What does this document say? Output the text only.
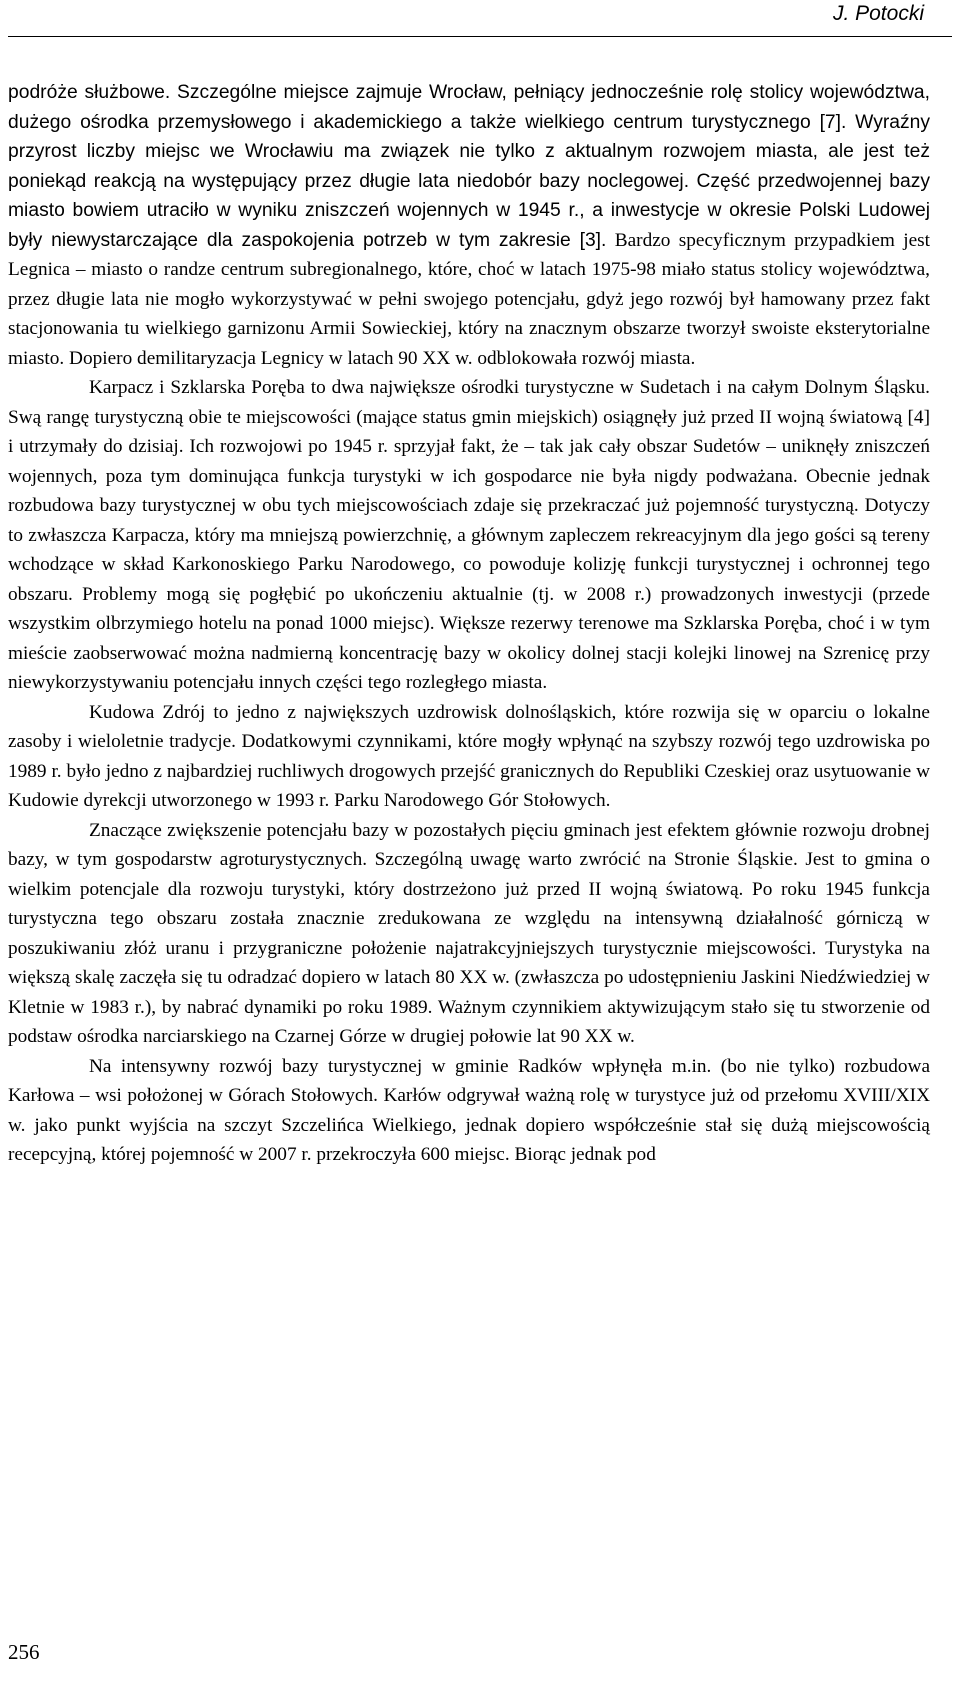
J. Potocki

podróże służbowe. Szczególne miejsce zajmuje Wrocław, pełniący jednocześnie rolę stolicy województwa, dużego ośrodka przemysłowego i akademickiego a także wielkiego centrum turystycznego [7]. Wyraźny przyrost liczby miejsc we Wrocławiu ma związek nie tylko z aktualnym rozwojem miasta, ale jest też poniekąd reakcją na występujący przez długie lata niedobór bazy noclegowej. Część przedwojennej bazy miasto bowiem utraciło w wyniku zniszczeń wojennych w 1945 r., a inwestycje w okresie Polski Ludowej były niewystarczające dla zaspokojenia potrzeb w tym zakresie [3]. Bardzo specyficznym przypadkiem jest Legnica – miasto o randze centrum subregionalnego, które, choć w latach 1975-98 miało status stolicy województwa, przez długie lata nie mogło wykorzystywać w pełni swojego potencjału, gdyż jego rozwój był hamowany przez fakt stacjonowania tu wielkiego garnizonu Armii Sowieckiej, który na znacznym obszarze tworzył swoiste eksterytorialne miasto. Dopiero demilitaryzacja Legnicy w latach 90 XX w. odblokowała rozwój miasta.

Karpacz i Szklarska Poręba to dwa największe ośrodki turystyczne w Sudetach i na całym Dolnym Śląsku. Swą rangę turystyczną obie te miejscowości (mające status gmin miejskich) osiągnęły już przed II wojną światową [4] i utrzymały do dzisiaj. Ich rozwojowi po 1945 r. sprzyjał fakt, że – tak jak cały obszar Sudetów – uniknęły zniszczeń wojennych, poza tym dominująca funkcja turystyki w ich gospodarce nie była nigdy podważana. Obecnie jednak rozbudowa bazy turystycznej w obu tych miejscowościach zdaje się przekraczać już pojemność turystyczną. Dotyczy to zwłaszcza Karpacza, który ma mniejszą powierzchnię, a głównym zapleczem rekreacyjnym dla jego gości są tereny wchodzące w skład Karkonoskiego Parku Narodowego, co powoduje kolizję funkcji turystycznej i ochronnej tego obszaru. Problemy mogą się pogłębić po ukończeniu aktualnie (tj. w 2008 r.) prowadzonych inwestycji (przede wszystkim olbrzymiego hotelu na ponad 1000 miejsc). Większe rezerwy terenowe ma Szklarska Poręba, choć i w tym mieście zaobserwować można nadmierną koncentrację bazy w okolicy dolnej stacji kolejki linowej na Szrenicę przy niewykorzystywaniu potencjału innych części tego rozległego miasta.

Kudowa Zdrój to jedno z największych uzdrowisk dolnośląskich, które rozwija się w oparciu o lokalne zasoby i wieloletnie tradycje. Dodatkowymi czynnikami, które mogły wpłynąć na szybszy rozwój tego uzdrowiska po 1989 r. było jedno z najbardziej ruchliwych drogowych przejść granicznych do Republiki Czeskiej oraz usytuowanie w Kudowie dyrekcji utworzonego w 1993 r. Parku Narodowego Gór Stołowych.

Znaczące zwiększenie potencjału bazy w pozostałych pięciu gminach jest efektem głównie rozwoju drobnej bazy, w tym gospodarstw agroturystycznych. Szczególną uwagę warto zwrócić na Stronie Śląskie. Jest to gmina o wielkim potencjale dla rozwoju turystyki, który dostrzeżono już przed II wojną światową. Po roku 1945 funkcja turystyczna tego obszaru została znacznie zredukowana ze względu na intensywną działalność górniczą w poszukiwaniu złóż uranu i przygraniczne położenie najatrakcyjniejszych turystycznie miejscowości. Turystyka na większą skalę zaczęła się tu odradzać dopiero w latach 80 XX w. (zwłaszcza po udostępnieniu Jaskini Niedźwiedziej w Kletnie w 1983 r.), by nabrać dynamiki po roku 1989. Ważnym czynnikiem aktywizującym stało się tu stworzenie od podstaw ośrodka narciarskiego na Czarnej Górze w drugiej połowie lat 90 XX w.

Na intensywny rozwój bazy turystycznej w gminie Radków wpłynęła m.in. (bo nie tylko) rozbudowa Karłowa – wsi położonej w Górach Stołowych. Karłów odgrywał ważną rolę w turystyce już od przełomu XVIII/XIX w. jako punkt wyjścia na szczyt Szczelińca Wielkiego, jednak dopiero współcześnie stał się dużą miejscowością recepcyjną, której pojemność w 2007 r. przekroczyła 600 miejsc. Biorąc jednak pod

256
